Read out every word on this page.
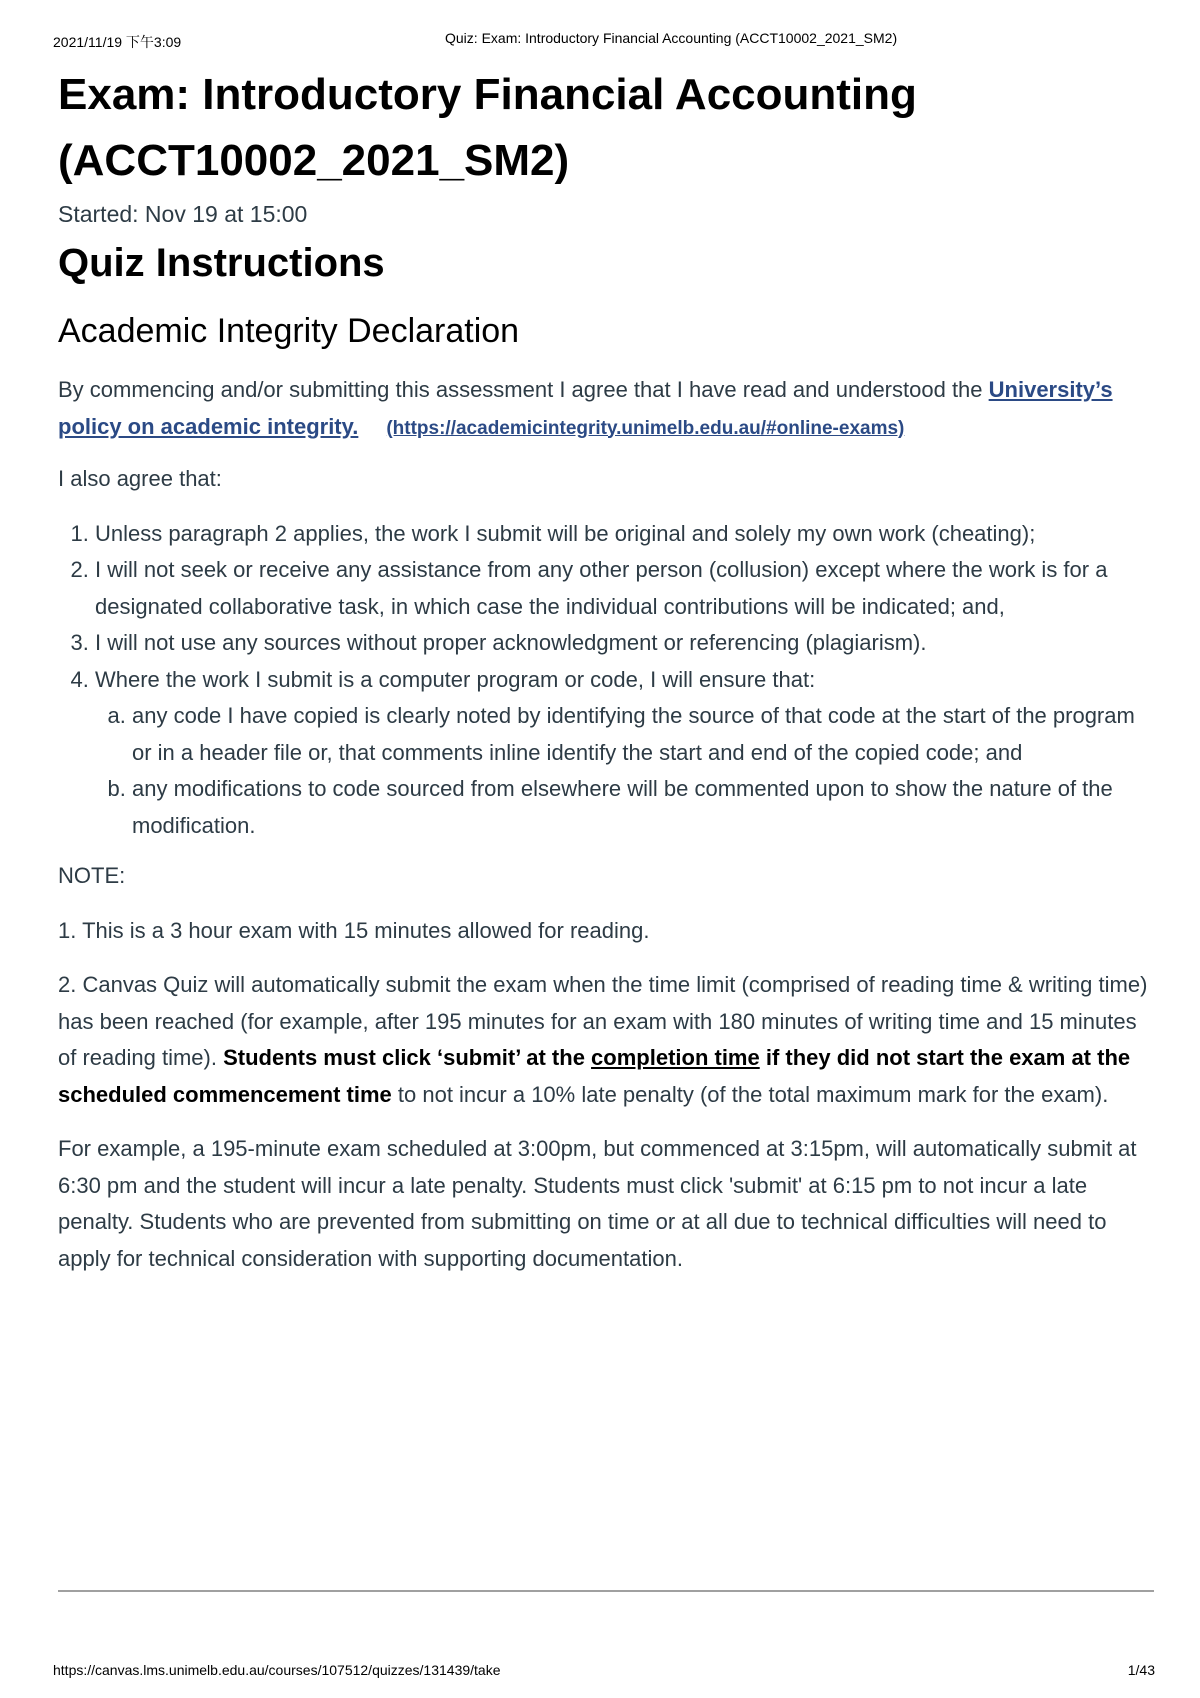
2021/11/19 下午3:09	Quiz: Exam: Introductory Financial Accounting (ACCT10002_2021_SM2)
Exam: Introductory Financial Accounting (ACCT10002_2021_SM2)
Started: Nov 19 at 15:00
Quiz Instructions
Academic Integrity Declaration

By commencing and/or submitting this assessment I agree that I have read and understood the University’s policy on academic integrity. (https://academicintegrity.unimelb.edu.au/#online-exams)

I also agree that:

1. Unless paragraph 2 applies, the work I submit will be original and solely my own work (cheating);
2. I will not seek or receive any assistance from any other person (collusion) except where the work is for a designated collaborative task, in which case the individual contributions will be indicated; and,
3. I will not use any sources without proper acknowledgment or referencing (plagiarism).
4. Where the work I submit is a computer program or code, I will ensure that:
a. any code I have copied is clearly noted by identifying the source of that code at the start of the program or in a header file or, that comments inline identify the start and end of the copied code; and
b. any modifications to code sourced from elsewhere will be commented upon to show the nature of the modification.

NOTE:

1. This is a 3 hour exam with 15 minutes allowed for reading.

2. Canvas Quiz will automatically submit the exam when the time limit (comprised of reading time & writing time) has been reached (for example, after 195 minutes for an exam with 180 minutes of writing time and 15 minutes of reading time). Students must click ‘submit’ at the completion time if they did not start the exam at the scheduled commencement time to not incur a 10% late penalty (of the total maximum mark for the exam).

For example, a 195-minute exam scheduled at 3:00pm, but commenced at 3:15pm, will automatically submit at 6:30 pm and the student will incur a late penalty. Students must click 'submit' at 6:15 pm to not incur a late penalty. Students who are prevented from submitting on time or at all due to technical difficulties will need to apply for technical consideration with supporting documentation.

https://canvas.lms.unimelb.edu.au/courses/107512/quizzes/131439/take	1/43
